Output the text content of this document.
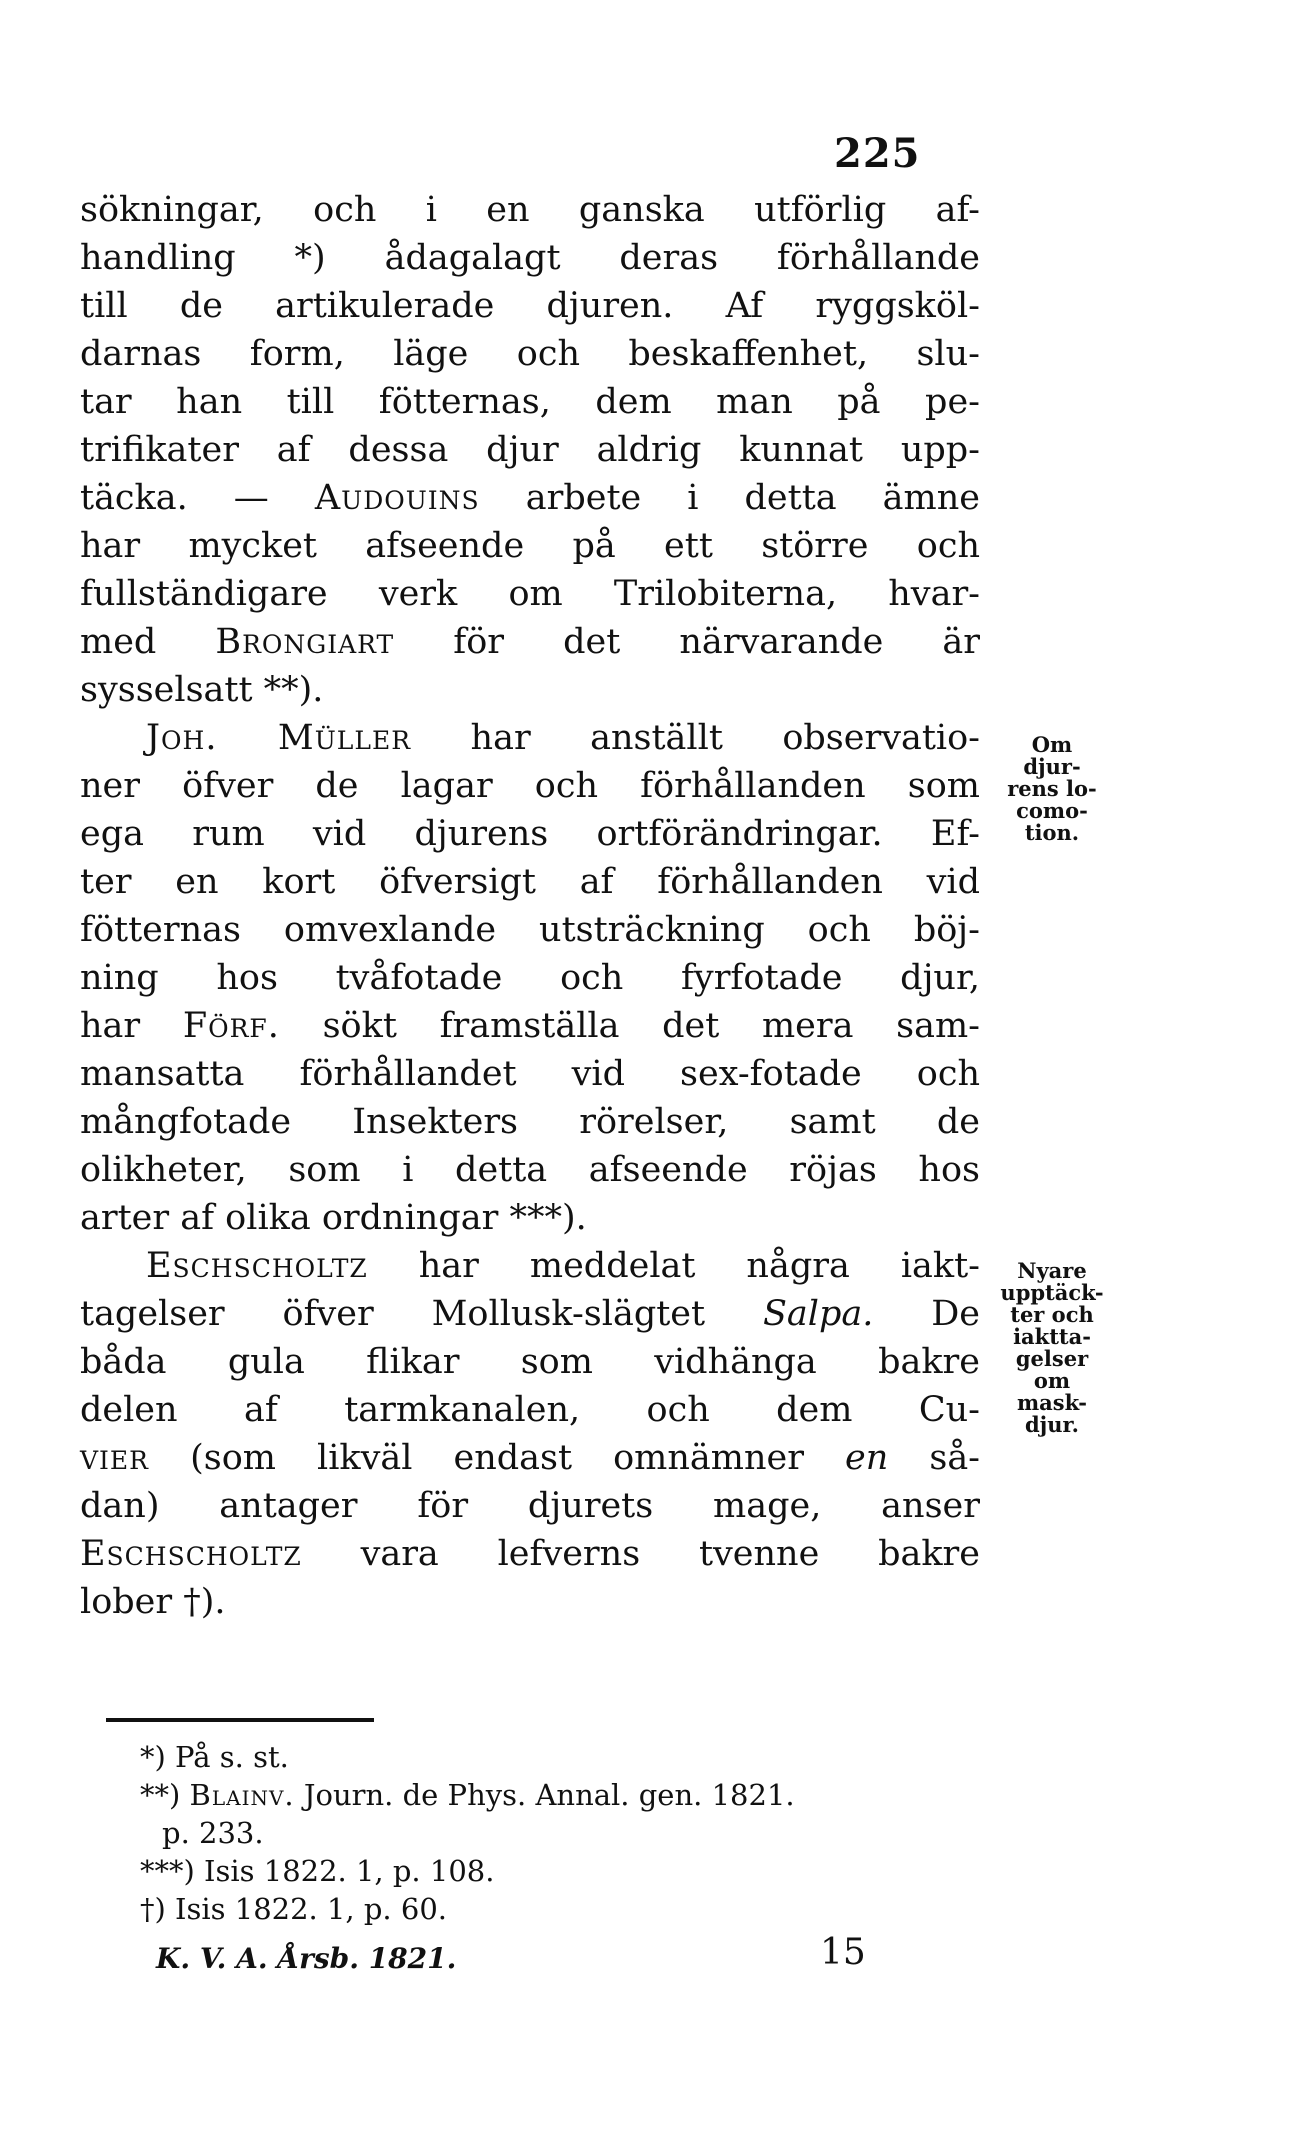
225
sökningar, och i en ganska utförlig af-
handling *) ådagalagt deras förhållande
till de artikulerade djuren. Af ryggsköl-
darnas form, läge och beskaffenhet, slu-
tar han till fötternas, dem man på pe-
trifikater af dessa djur aldrig kunnat upp-
täcka. — Audouins arbete i detta ämne
har mycket afseende på ett större och
fullständigare verk om Trilobiterna, hvar-
med Brongiart för det närvarande är
sysselsatt **).
Joh. Müller har anställt observatio-
ner öfver de lagar och förhållanden som
ega rum vid djurens ortförändringar. Ef-
ter en kort öfversigt af förhållanden vid
fötternas omvexlande utsträckning och böj-
ning hos tvåfotade och fyrfotade djur,
har Förf. sökt framställa det mera sam-
mansatta förhållandet vid sex-fotade och
mångfotade Insekters rörelser, samt de
olikheter, som i detta afseende röjas hos
arter af olika ordningar ***).
Eschscholtz har meddelat några iakt-
tagelser öfver Mollusk-slägtet Salpa. De
båda gula flikar som vidhänga bakre
delen af tarmkanalen, och dem Cu-
vier (som likväl endast omnämner en så-
dan) antager för djurets mage, anser
Eschscholtz vara lefverns tvenne bakre
lober †).
Om djur-
rens lo-
como-
tion.
Nyare
upptäck-
ter och
iaktta-
gelser
om
mask-
djur.
*) På s. st.
**) Blainv. Journ. de Phys. Annal. gen. 1821.
p. 233.
***) Isis 1822. 1, p. 108.
†) Isis 1822. 1, p. 60.
K. V. A. Årsb. 1821.	15
